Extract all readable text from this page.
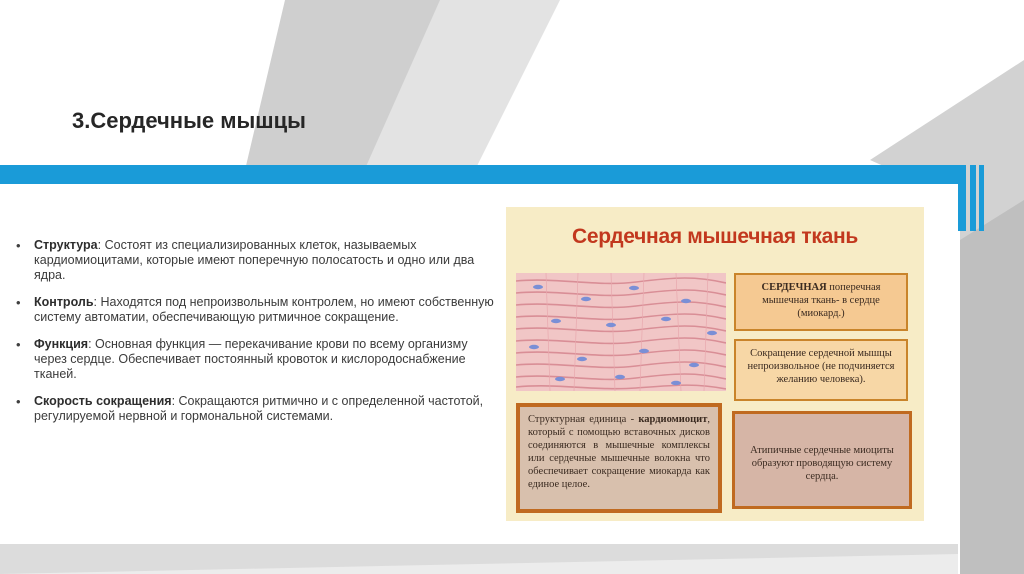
3.Сердечные мышцы
• Структура: Состоят из специализированных клеток, называемых кардиомиоцитами, которые имеют поперечную полосатость и одно или два ядра.
• Контроль: Находятся под непроизвольным контролем, но имеют собственную систему автоматии, обеспечивающую ритмичное сокращение.
• Функция: Основная функция — перекачивание крови по всему организму через сердце. Обеспечивает постоянный кровоток и кислородоснабжение тканей.
• Скорость сокращения: Сокращаются ритмично и с определенной частотой, регулируемой нервной и гормональной системами.
Сердечная мышечная ткань
СЕРДЕЧНАЯ поперечная мышечная ткань- в сердце (миокард.)
Сокращение сердечной мышцы непроизвольное (не подчиняется желанию человека).
Структурная единица - кардиомиоцит, который с помощью вставочных дисков соединяются в мышечные комплексы или сердечные мышечные волокна что обеспечивает сокращение миокарда как единое целое.
Атипичные сердечные миоциты образуют проводящую систему сердца.
